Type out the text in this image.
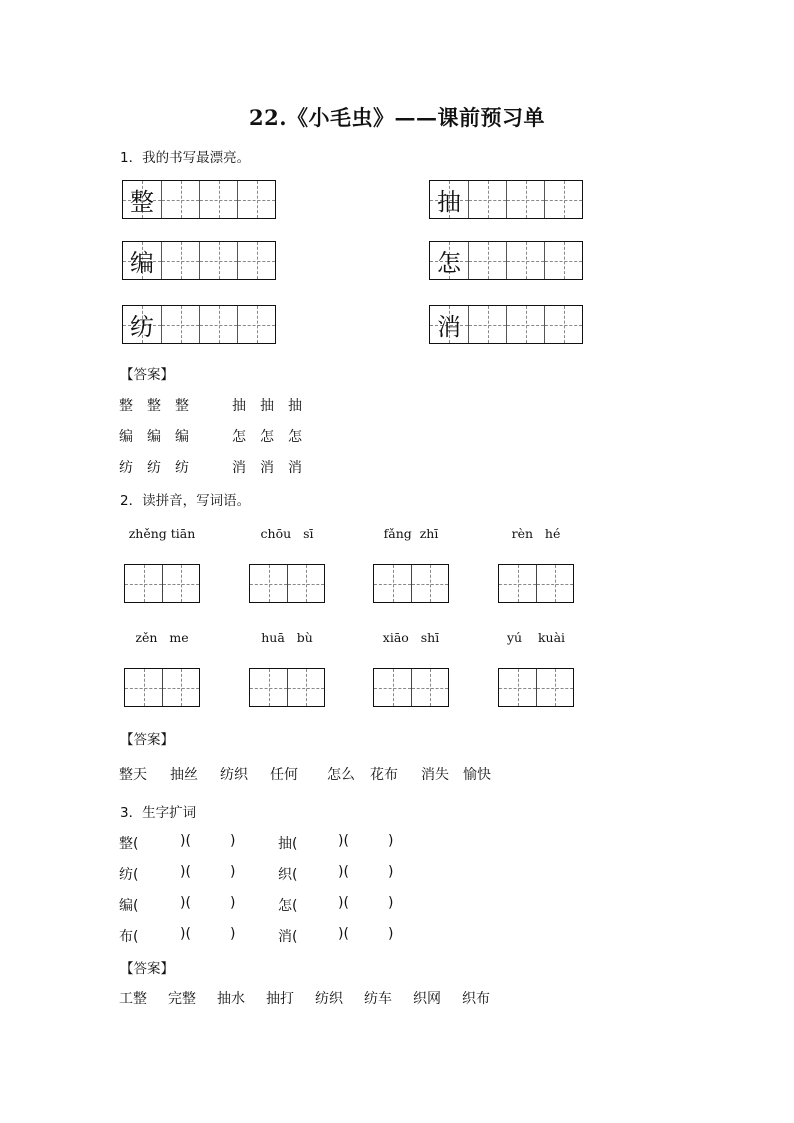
22.《小毛虫》——课前预习单
1．我的书写最漂亮。
整	抽
编	怎
纺	消
【答案】
整 整 整	抽 抽 抽
编 编 编	怎 怎 怎
纺 纺 纺	消 消 消
2．读拼音，写词语。
zhěng tiān	chōu   sī	fǎng  zhī	rèn   hé
zěn   me	huā   bù	xiāo   shī	yú    kuài
【答案】
整天 抽丝 纺织 任何 怎么 花布 消失 愉快
3．生字扩词
整(	)(	)	抽(	)(	)
纺(	)(	)	织(	)(	)
编(	)(	)	怎(	)(	)
布(	)(	)	消(	)(	)
【答案】
工整 完整 抽水 抽打 纺织 纺车 织网 织布
